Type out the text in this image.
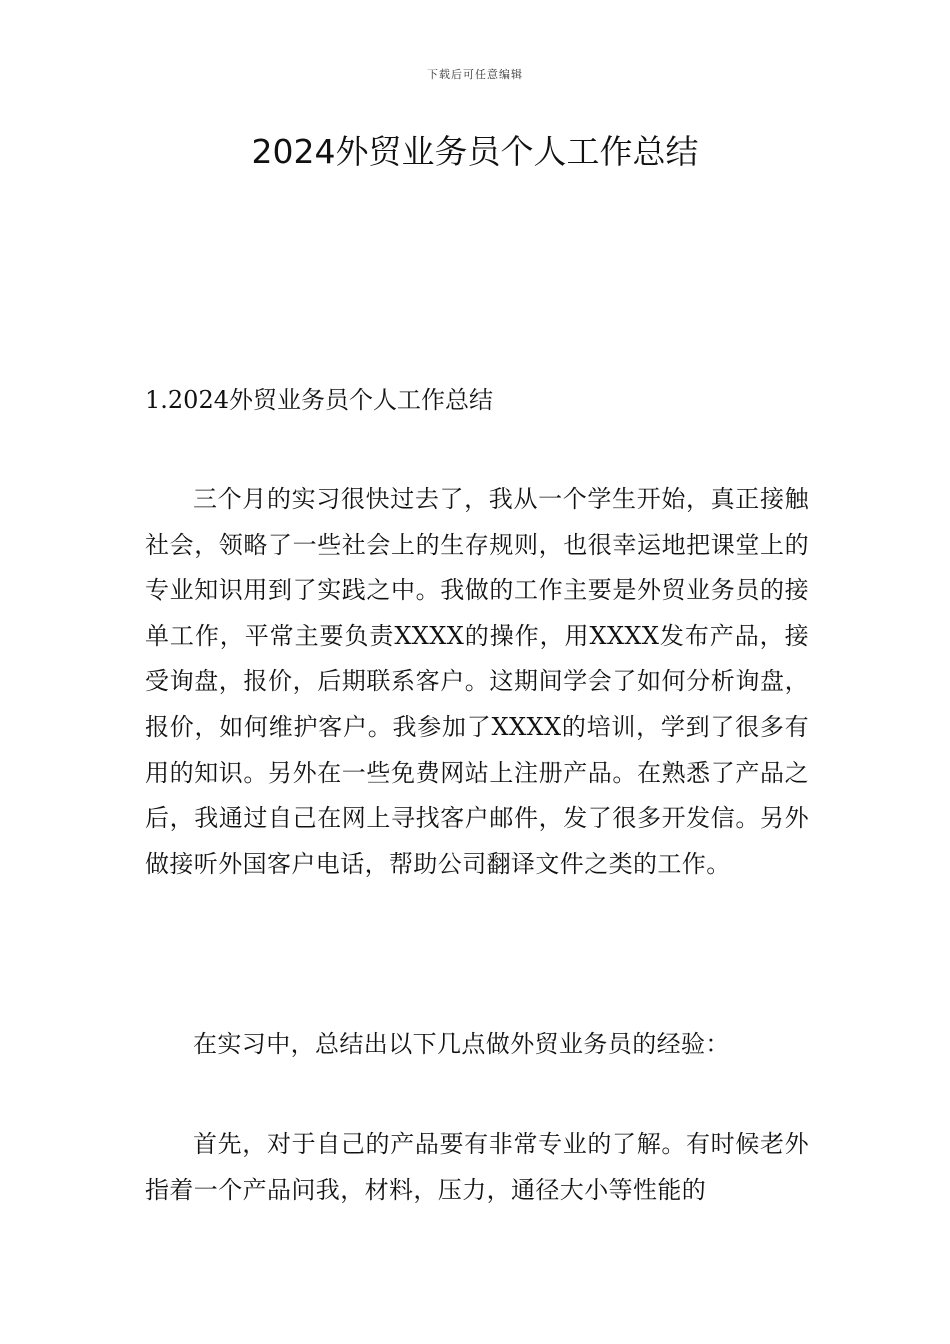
下载后可任意编辑
2024外贸业务员个人工作总结
1.2024外贸业务员个人工作总结

三个月的实习很快过去了，我从一个学生开始，真正接触社会，领略了一些社会上的生存规则，也很幸运地把课堂上的专业知识用到了实践之中。我做的工作主要是外贸业务员的接单工作，平常主要负责XXXX的操作，用XXXX发布产品，接受询盘，报价，后期联系客户。这期间学会了如何分析询盘，报价，如何维护客户。我参加了XXXX的培训，学到了很多有用的知识。另外在一些免费网站上注册产品。在熟悉了产品之后，我通过自己在网上寻找客户邮件，发了很多开发信。另外做接听外国客户电话，帮助公司翻译文件之类的工作。

在实习中，总结出以下几点做外贸业务员的经验：

首先，对于自己的产品要有非常专业的了解。有时候老外指着一个产品问我，材料，压力，通径大小等性能的
